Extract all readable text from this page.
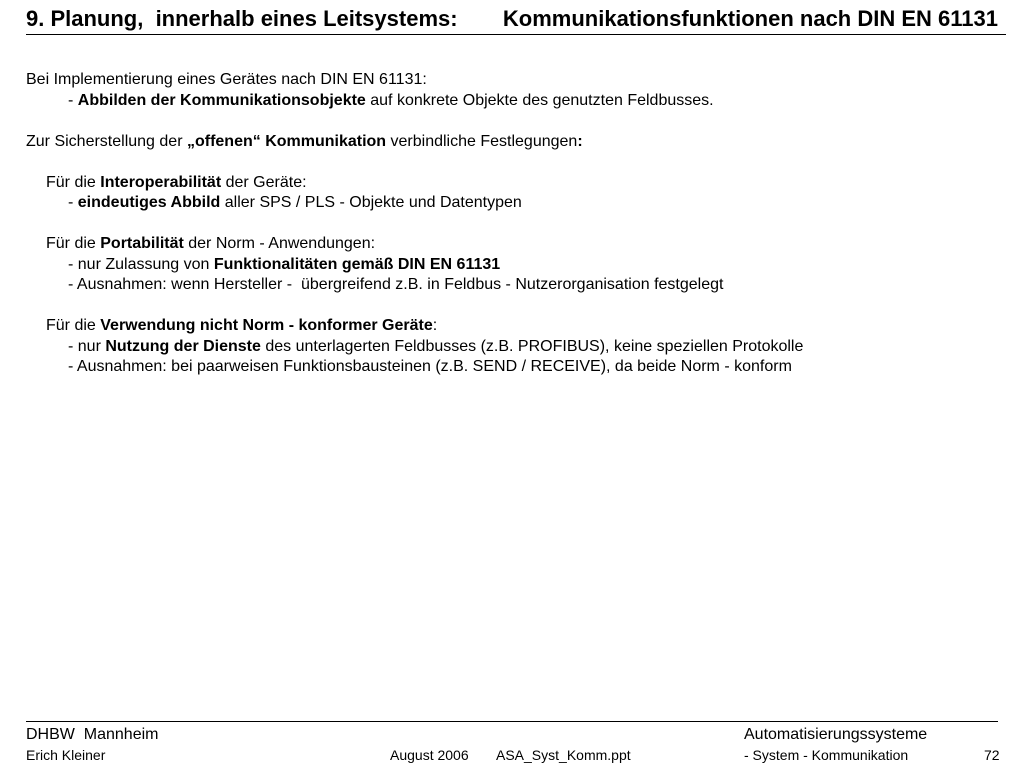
9. Planung,  innerhalb eines Leitsystems: Kommunikationsfunktionen nach DIN EN 61131
Bei Implementierung eines Gerätes nach DIN EN 61131:
- Abbilden der Kommunikationsobjekte auf konkrete Objekte des genutzten Feldbusses.
Zur Sicherstellung der „offenen“ Kommunikation verbindliche Festlegungen:
Für die Interoperabilität der Geräte:
- eindeutiges Abbild aller SPS / PLS - Objekte und Datentypen
Für die Portabilität der Norm - Anwendungen:
- nur Zulassung von Funktionalitäten gemäß DIN EN 61131
- Ausnahmen: wenn Hersteller -  übergreifend z.B. in Feldbus - Nutzerorganisation festgelegt
Für die Verwendung nicht Norm - konformer Geräte:
- nur Nutzung der Dienste des unterlagerten Feldbusses (z.B. PROFIBUS), keine speziellen Protokolle
- Ausnahmen: bei paarweisen Funktionsbausteinen (z.B. SEND / RECEIVE), da beide Norm - konform
DHBW  Mannheim
Erich Kleiner	August 2006 ASA_Syst_Komm.ppt
Automatisierungssysteme
- System - Kommunikation	72
